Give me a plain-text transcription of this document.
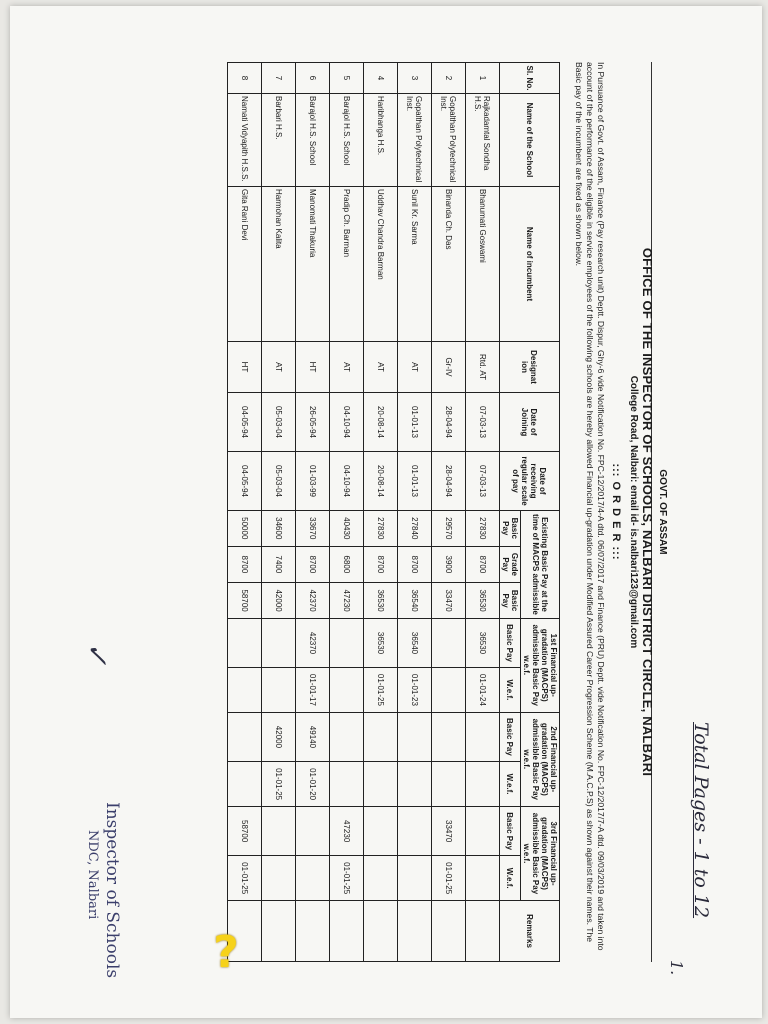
Total Pages - 1 to 12
1.
GOVT. OF ASSAM
OFFICE OF THE INSPECTOR OF SCHOOLS, NALBARI DISTRICT CIRCLE, NALBARI
College Road, Nalbari: email id- is.nalbari123@gmail.com
::: O R D E R :::
In Pursuance of Govt. of Assam, Finance (Pay research unit) Deptt. Dispur, Ghy-6 vide Notification No. FPC-12/2017/4-A dtd. 06/07/2017 and Finance (PRU) Deptt. vide Notification No. FPC-12/2017/7-A dtd. 09/03/2019 and taken into account of the performance of the eligible in service employees of the following schools are hereby allowed Financial up-gradation under Modified Assured Career Progression Scheme (M.A.C.P.S) as shown against their names. The Basic pay of the incumbent are fixed as shown below.
Sl. No.	Name of the School	Name of incumbent	Designat ion	Date of Joining	Date of receiving regular scale of pay	Existing Basic Pay at the time of MACPS admissible			1st Financial up-gradation (MACPS) admissible Basic Pay w.e.f.		2nd Financial up-gradation (MACPS) admissible Basic Pay w.e.f.		3rd Financial up-gradation (MACPS) admissible Basic Pay w.e.f.		Remarks
						Basic Pay	Grade Pay	Basic Pay	Basic Pay	W.e.f.	Basic Pay	W.e.f.	Basic Pay	W.e.f.	
1	Rajkadamtal Sondha H.S.	Bhanumati Goswami	Rtd. AT	07-03-13	07-03-13	27830	8700	36530	36530	01-01-24					
2	Gopalthan Polytechnical Inst.	Binanda Ch. Das	Gr-IV	28-04-94	28-04-94	29570	3900	33470					33470	01-01-25	
3	Gopalthan Polytechnical Inst.	Sunil Kr. Sarma	AT	01-01-13	01-01-13	27840	8700	36540	36540	01-01-23					
4	Haribhanga H.S.	Uddhav Chandra Barman	AT	20-08-14	20-08-14	27830	8700	36530	36530	01-01-25					
5	Barajol H.S. School	Pradip Ch. Barman	AT	04-10-94	04-10-94	40430	6800	47230					47230	01-01-25	
6	Barajol H.S. School	Manomati Thakuria	HT	26-05-94	01-03-99	33670	8700	42370	42370	01-01-17	49140	01-01-20			
7	Barbari H.S.	Harmohan Kalita	AT	05-03-04	05-03-04	34600	7400	42000			42000	01-01-25			
8	Namati Vidyapith H.S.S.	Gita Rani Devi	HT	04-05-94	04-05-94	50000	8700	58700					58700	01-01-25	
✓
Inspector of Schools
NDC, Nalbari
?
